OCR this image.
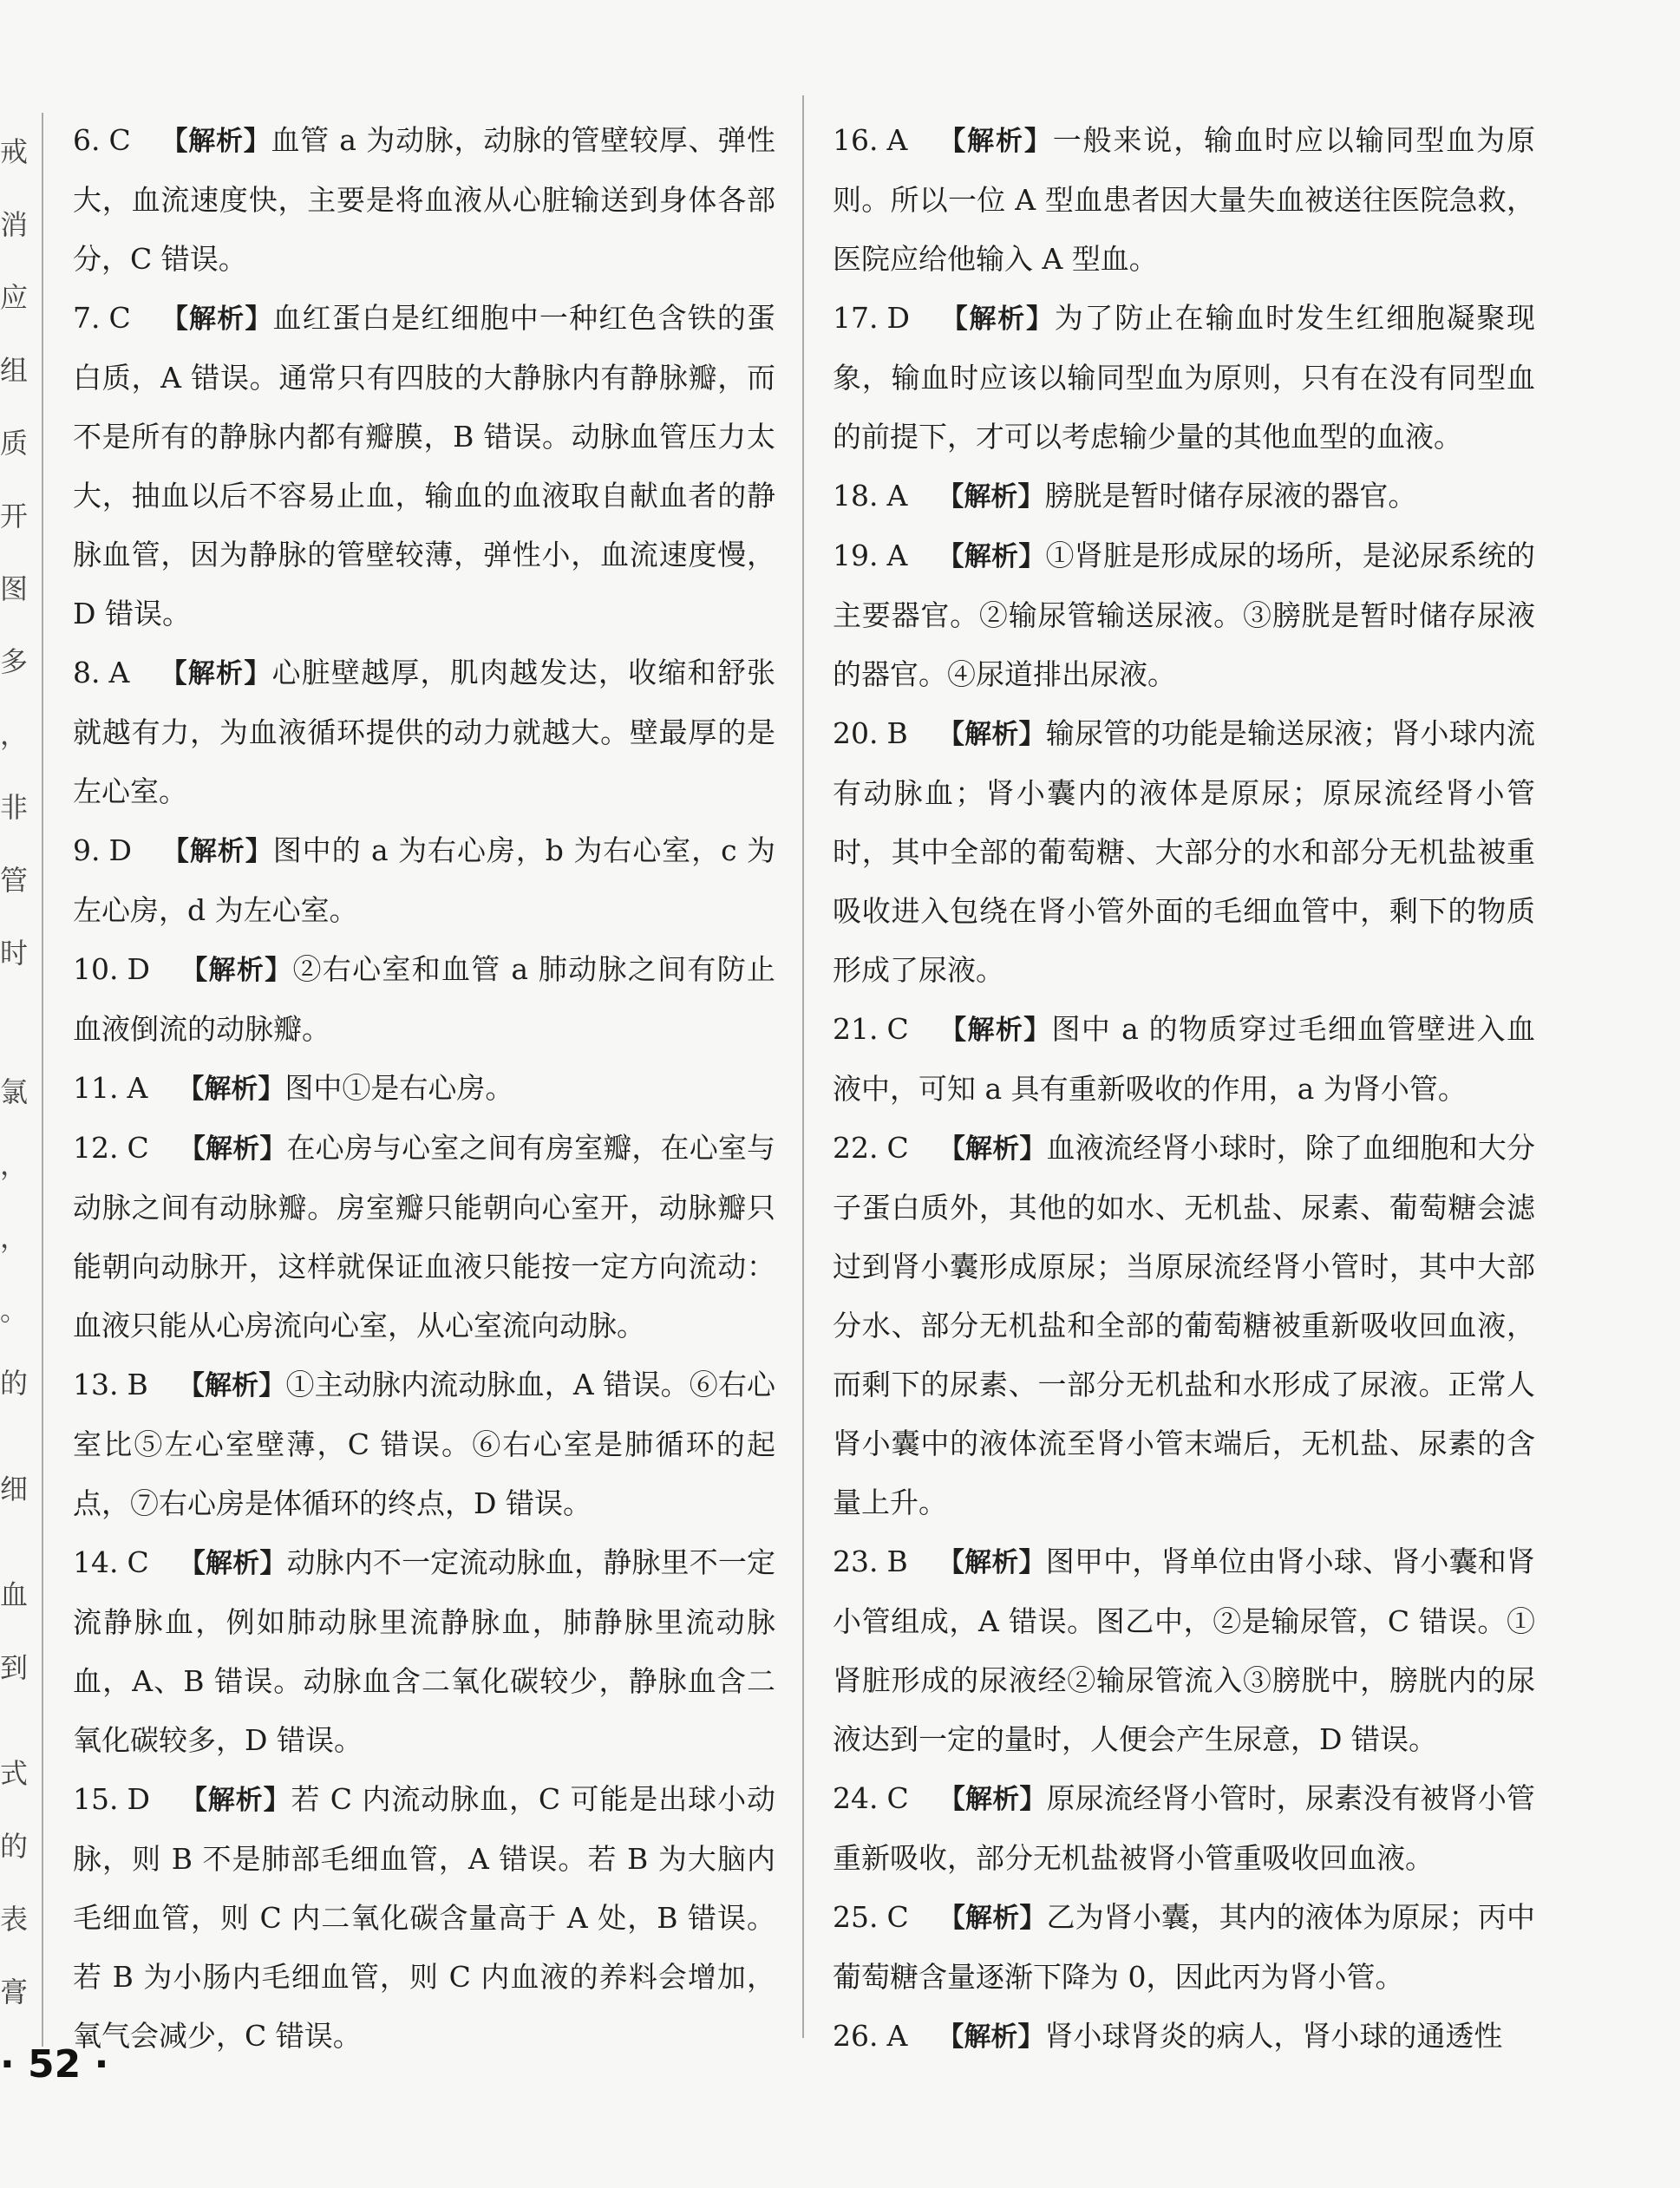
戒
消
应
组
质
开
图
多
，
非
管
时
氯
，
，
。
的
细
血
到
式
的
表
膏

6. C 【解析】血管 a 为动脉，动脉的管壁较厚、弹性大，血流速度快，主要是将血液从心脏输送到身体各部分，C 错误。

7. C 【解析】血红蛋白是红细胞中一种红色含铁的蛋白质，A 错误。通常只有四肢的大静脉内有静脉瓣，而不是所有的静脉内都有瓣膜，B 错误。动脉血管压力太大，抽血以后不容易止血，输血的血液取自献血者的静脉血管，因为静脉的管壁较薄，弹性小，血流速度慢，D 错误。

8. A 【解析】心脏壁越厚，肌肉越发达，收缩和舒张就越有力，为血液循环提供的动力就越大。壁最厚的是左心室。

9. D 【解析】图中的 a 为右心房，b 为右心室，c 为左心房，d 为左心室。

10. D 【解析】②右心室和血管 a 肺动脉之间有防止血液倒流的动脉瓣。

11. A 【解析】图中①是右心房。

12. C 【解析】在心房与心室之间有房室瓣，在心室与动脉之间有动脉瓣。房室瓣只能朝向心室开，动脉瓣只能朝向动脉开，这样就保证血液只能按一定方向流动：血液只能从心房流向心室，从心室流向动脉。

13. B 【解析】①主动脉内流动脉血，A 错误。⑥右心室比⑤左心室壁薄，C 错误。⑥右心室是肺循环的起点，⑦右心房是体循环的终点，D 错误。

14. C 【解析】动脉内不一定流动脉血，静脉里不一定流静脉血，例如肺动脉里流静脉血，肺静脉里流动脉血，A、B 错误。动脉血含二氧化碳较少，静脉血含二氧化碳较多，D 错误。

15. D 【解析】若 C 内流动脉血，C 可能是出球小动脉，则 B 不是肺部毛细血管，A 错误。若 B 为大脑内毛细血管，则 C 内二氧化碳含量高于 A 处，B 错误。若 B 为小肠内毛细血管，则 C 内血液的养料会增加，氧气会减少，C 错误。

16. A 【解析】一般来说，输血时应以输同型血为原则。所以一位 A 型血患者因大量失血被送往医院急救，医院应给他输入 A 型血。

17. D 【解析】为了防止在输血时发生红细胞凝聚现象，输血时应该以输同型血为原则，只有在没有同型血的前提下，才可以考虑输少量的其他血型的血液。

18. A 【解析】膀胱是暂时储存尿液的器官。

19. A 【解析】①肾脏是形成尿的场所，是泌尿系统的主要器官。②输尿管输送尿液。③膀胱是暂时储存尿液的器官。④尿道排出尿液。

20. B 【解析】输尿管的功能是输送尿液；肾小球内流有动脉血；肾小囊内的液体是原尿；原尿流经肾小管时，其中全部的葡萄糖、大部分的水和部分无机盐被重吸收进入包绕在肾小管外面的毛细血管中，剩下的物质形成了尿液。

21. C 【解析】图中 a 的物质穿过毛细血管壁进入血液中，可知 a 具有重新吸收的作用，a 为肾小管。

22. C 【解析】血液流经肾小球时，除了血细胞和大分子蛋白质外，其他的如水、无机盐、尿素、葡萄糖会滤过到肾小囊形成原尿；当原尿流经肾小管时，其中大部分水、部分无机盐和全部的葡萄糖被重新吸收回血液，而剩下的尿素、一部分无机盐和水形成了尿液。正常人肾小囊中的液体流至肾小管末端后，无机盐、尿素的含量上升。

23. B 【解析】图甲中，肾单位由肾小球、肾小囊和肾小管组成，A 错误。图乙中，②是输尿管，C 错误。①肾脏形成的尿液经②输尿管流入③膀胱中，膀胱内的尿液达到一定的量时，人便会产生尿意，D 错误。

24. C 【解析】原尿流经肾小管时，尿素没有被肾小管重新吸收，部分无机盐被肾小管重吸收回血液。

25. C 【解析】乙为肾小囊，其内的液体为原尿；丙中葡萄糖含量逐渐下降为 0，因此丙为肾小管。

26. A 【解析】肾小球肾炎的病人，肾小球的通透性

· 52 ·
